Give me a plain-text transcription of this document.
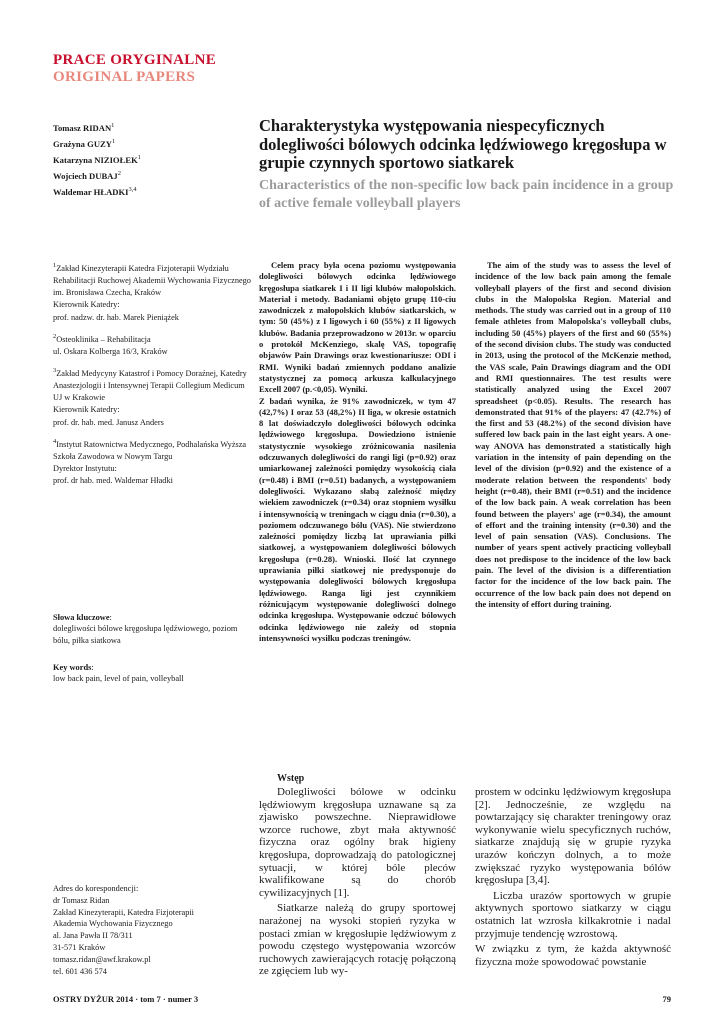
PRACE ORYGINALNE
ORIGINAL PAPERS
Tomasz RIDAN$^1$
Grażyna GUZY$^1$
Katarzyna NIZIOŁEK$^1$
Wojciech DUBAJ$^2$
Waldemar HŁADKI$^{3,4}$
Charakterystyka występowania niespecyficznych dolegliwości bólowych odcinka lędźwiowego kręgosłupa w grupie czynnych sportowo siatkarek
Characteristics of the non-specific low back pain incidence in a group of active female volleyball players
$^1$Zakład Kinezyterapii Katedra Fizjoterapii Wydziału Rehabilitacji Ruchowej Akademii Wychowania Fizycznego im. Bronisława Czecha, Kraków
Kierownik Katedry:
prof. nadzw. dr. hab. Marek Pieniążek
$^2$Osteoklinika – Rehabilitacja
ul. Oskara Kolberga 16/3, Kraków
$^3$Zakład Medycyny Katastrof i Pomocy Doraźnej, Katedry Anastezjologii i Intensywnej Terapii Collegium Medicum UJ w Krakowie
Kierownik Katedry:
prof. dr. hab. med. Janusz Anders
$^4$Instytut Ratownictwa Medycznego, Podhalańska Wyższa Szkoła Zawodowa w Nowym Targu
Dyrektor Instytutu:
prof. dr hab. med. Waldemar Hładki
Słowa kluczowe:
dolegliwości bólowe kręgosłupa lędźwiowego, poziom bólu, piłka siatkowa
Key words:
low back pain, level of pain, volleyball

Celem pracy była ocena poziomu występowania dolegliwości bólowych odcinka lędźwiowego kręgosłupa siatkarek I i II ligi klubów małopolskich. Materiał i metody. Badaniami objęto grupę 110-ciu zawodniczek z małopolskich klubów siatkarskich, w tym: 50 (45%) z I ligowych i 60 (55%) z II ligowych klubów. Badania przeprowadzono w 2013r. w oparciu o protokół McKenziego, skalę VAS, topografię objawów Pain Drawings oraz kwestionariusze: ODI i RMI. Wyniki badań zmiennych poddano analizie statystycznej za pomocą arkusza kalkulacyjnego Excell 2007 (p.<0,05). Wyniki.

Z badań wynika, że 91% zawodniczek, w tym 47 (42,7%) I oraz 53 (48,2%) II liga, w okresie ostatnich 8 lat doświadczyło dolegliwości bólowych odcinka lędźwiowego kręgosłupa. Dowiedziono istnienie statystycznie wysokiego zróżnicowania nasilenia odczuwanych dolegliwości do rangi ligi (p=0.92) oraz umiarkowanej zależności pomiędzy wysokością ciała (r=0.48) i BMI (r=0.51) badanych, a występowaniem dolegliwości. Wykazano słabą zależność między wiekiem zawodniczek (r=0.34) oraz stopniem wysiłku i intensywnością w treningach w ciągu dnia (r=0.30), a poziomem odczuwanego bólu (VAS). Nie stwierdzono zależności pomiędzy liczbą lat uprawiania piłki siatkowej, a występowaniem dolegliwości bólowych kręgosłupa (r=0.28). Wnioski. Ilość lat czynnego uprawiania piłki siatkowej nie predysponuje do występowania dolegliwości bólowych kręgosłupa lędźwiowego. Ranga ligi jest czynnikiem różnicującym występowanie dolegliwości dolnego odcinka kręgosłupa. Występowanie odczuć bólowych odcinka lędźwiowego nie zależy od stopnia intensywności wysiłku podczas treningów.

The aim of the study was to assess the level of incidence of the low back pain among the female volleyball players of the first and second division clubs in the Małopolska Region. Material and methods. The study was carried out in a group of 110 female athletes from Małopolska's volleyball clubs, including 50 (45%) players of the first and 60 (55%) of the second division clubs. The study was conducted in 2013, using the protocol of the McKenzie method, the VAS scale, Pain Drawings diagram and the ODI and RMI questionnaires. The test results were statistically analyzed using the Excel 2007 spreadsheet (p<0.05). Results. The research has demonstrated that 91% of the players: 47 (42.7%) of the first and 53 (48.2%) of the second division have suffered low back pain in the last eight years. A one-way ANOVA has demonstrated a statistically high variation in the intensity of pain depending on the level of the division (p=0.92) and the existence of a moderate relation between the respondents' body height (r=0.48), their BMI (r=0.51) and the incidence of the low back pain. A weak correlation has been found between the players' age (r=0.34), the amount of effort and the training intensity (r=0.30) and the level of pain sensation (VAS). Conclusions. The number of years spent actively practicing volleyball does not predispose to the incidence of the low back pain. The level of the division is a differentiation factor for the incidence of the low back pain. The occurrence of the low back pain does not depend on the intensity of effort during training.

Wstęp

Dolegliwości bólowe w odcinku lędźwiowym kręgosłupa uznawane są za zjawisko powszechne. Nieprawidłowe wzorce ruchowe, zbyt mała aktywność fizyczna oraz ogólny brak higieny kręgosłupa, doprowadzają do patologicznej sytuacji, w której bóle pleców kwalifikowane są do chorób cywilizacyjnych [1].

Siatkarze należą do grupy sportowej narażonej na wysoki stopień ryzyka w postaci zmian w kręgosłupie lędźwiowym z powodu częstego występowania wzorców ruchowych zawierających rotację połączoną ze zgięciem lub wy-

prostem w odcinku lędźwiowym kręgosłupa [2]. Jednocześnie, ze względu na powtarzający się charakter treningowy oraz wykonywanie wielu specyficznych ruchów, siatkarze znajdują się w grupie ryzyka urazów kończyn dolnych, a to może zwiększać ryzyko występowania bólów kręgosłupa [3,4].

Liczba urazów sportowych w grupie aktywnych sportowo siatkarzy w ciągu ostatnich lat wzrosła kilkakrotnie i nadal przyjmuje tendencję wzrostową.

W związku z tym, że każda aktywność fizyczna może spowodować powstanie

Adres do korespondencji:
dr Tomasz Ridan
Zakład Kinezyterapii, Katedra Fizjoterapii
Akademia Wychowania Fizycznego
al. Jana Pawła II 78/311
31-571 Kraków
tomasz.ridan@awf.krakow.pl
tel. 601 436 574
OSTRY DYŻUR 2014 · tom 7 · numer 3	79
